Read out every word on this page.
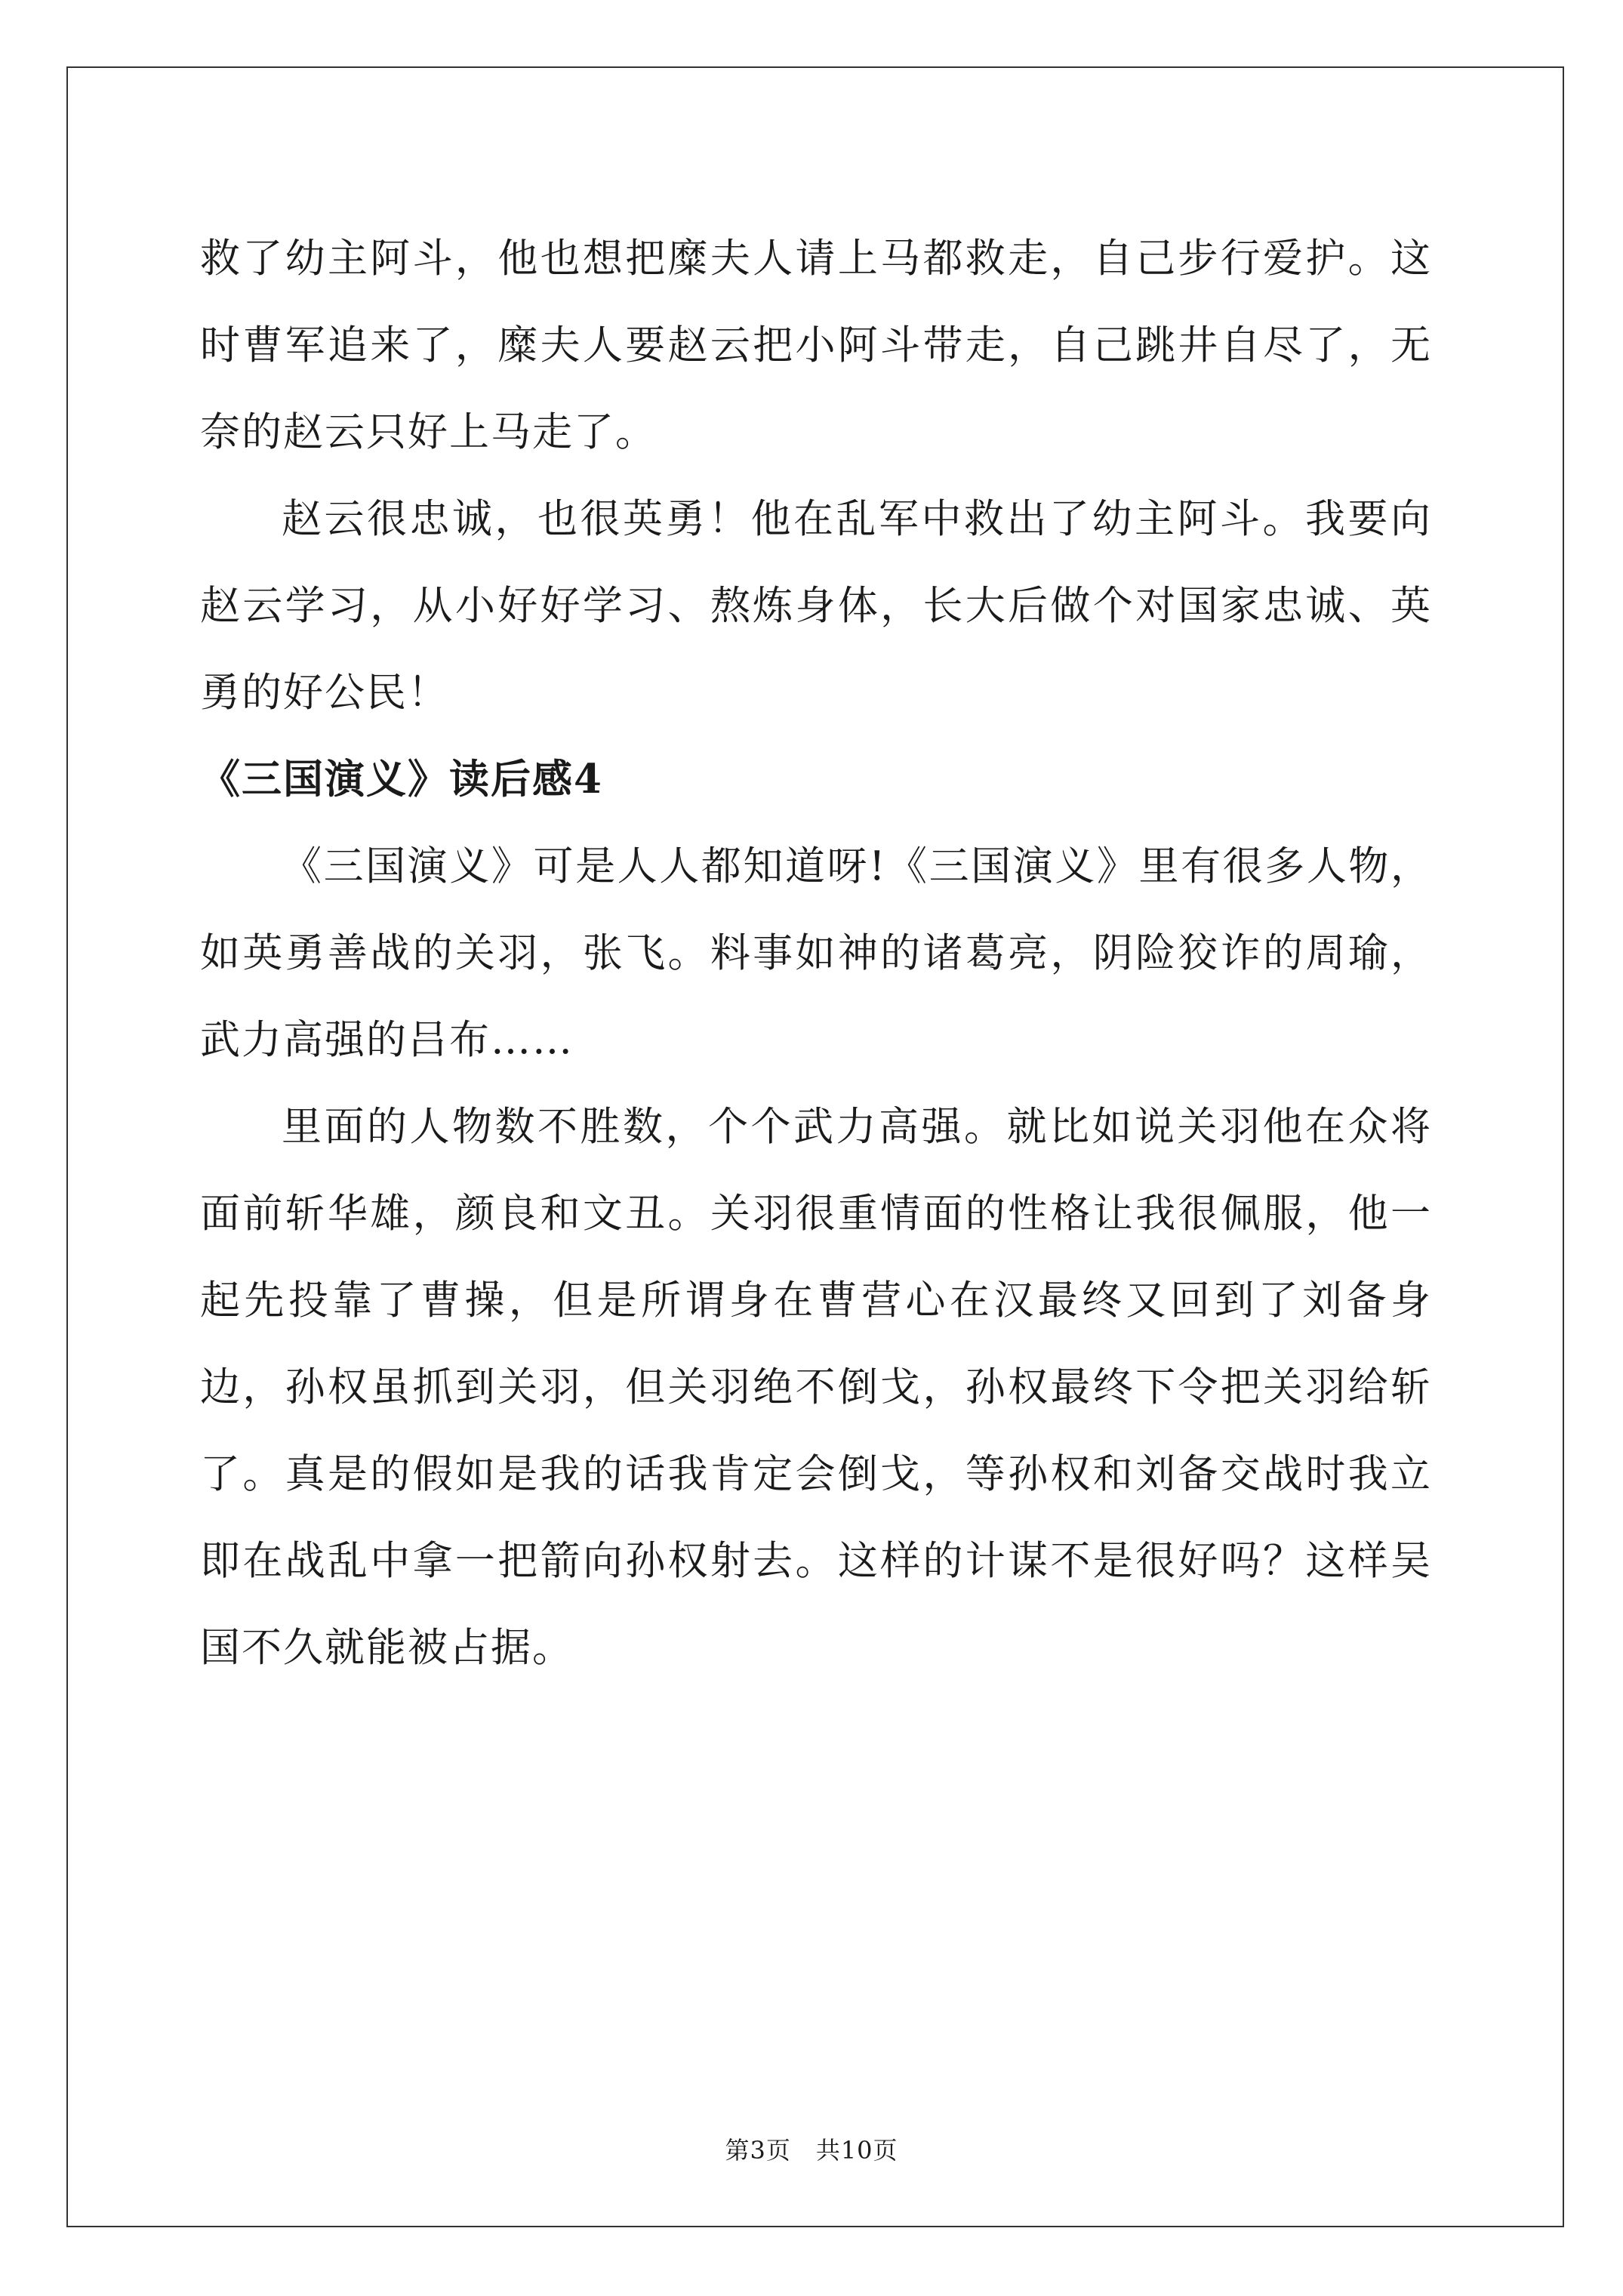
救了幼主阿斗，他也想把糜夫人请上马都救走，自己步行爱护。这时曹军追来了，糜夫人要赵云把小阿斗带走，自己跳井自尽了，无奈的赵云只好上马走了。

赵云很忠诚，也很英勇！他在乱军中救出了幼主阿斗。我要向赵云学习，从小好好学习、熬炼身体，长大后做个对国家忠诚、英勇的好公民！

《三国演义》读后感4

《三国演义》可是人人都知道呀!《三国演义》里有很多人物，如英勇善战的关羽，张飞。料事如神的诸葛亮，阴险狡诈的周瑜，武力高强的吕布……

里面的人物数不胜数，个个武力高强。就比如说关羽他在众将面前斩华雄，颜良和文丑。关羽很重情面的性格让我很佩服，他一起先投靠了曹操，但是所谓身在曹营心在汉最终又回到了刘备身边，孙权虽抓到关羽，但关羽绝不倒戈，孙权最终下令把关羽给斩了。真是的假如是我的话我肯定会倒戈，等孙权和刘备交战时我立即在战乱中拿一把箭向孙权射去。这样的计谋不是很好吗？这样吴国不久就能被占据。

第3页　共10页
